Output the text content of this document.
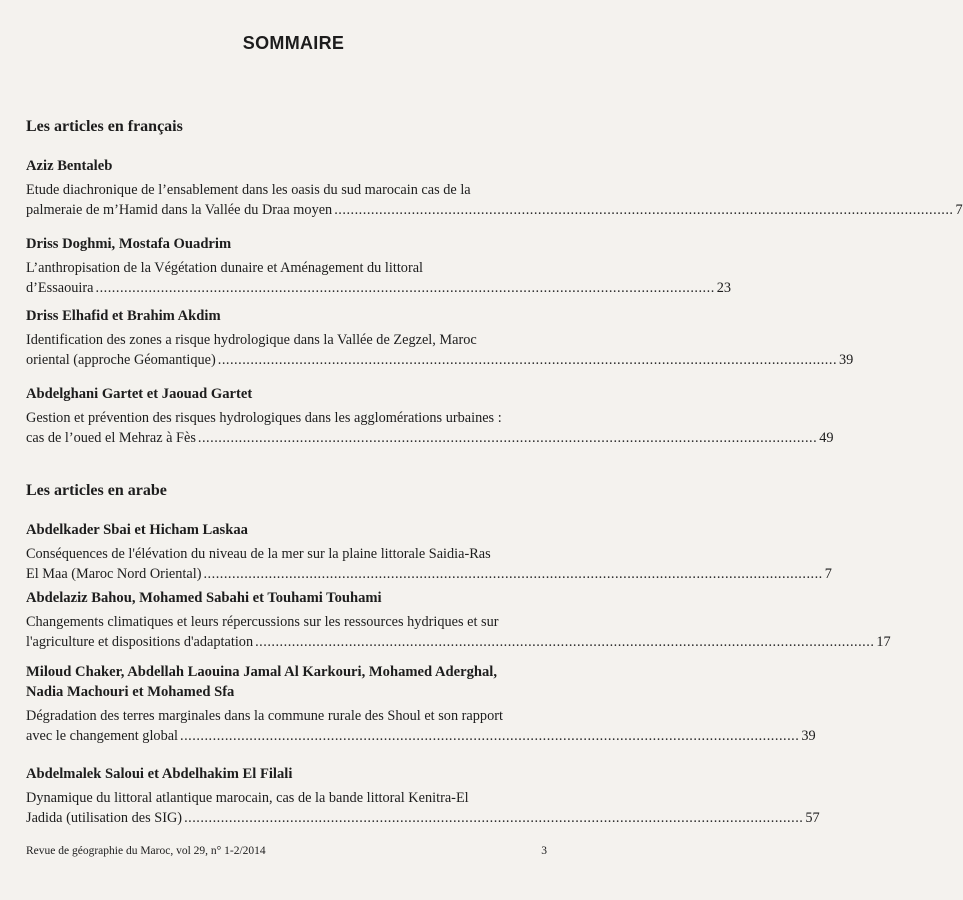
SOMMAIRE
Les articles en français
Aziz Bentaleb
Etude diachronique de l’ensablement dans les oasis du sud marocain cas de la
palmeraie de m’Hamid dans la Vallée du Draa moyen ........................................................................................................................................................ 7
Driss Doghmi, Mostafa Ouadrim
L’anthropisation de la Végétation dunaire et Aménagement du littoral
d’Essaouira ........................................................................................................................................................ 23
Driss Elhafid et Brahim Akdim
Identification des zones a risque hydrologique dans la Vallée de Zegzel, Maroc
oriental (approche Géomantique) ........................................................................................................................................................ 39
Abdelghani Gartet et Jaouad Gartet
Gestion et prévention des risques hydrologiques dans les agglomérations urbaines :
cas de l’oued el Mehraz à Fès ........................................................................................................................................................ 49
Les articles en arabe
Abdelkader Sbai et Hicham Laskaa
Conséquences de l'élévation du niveau de la mer sur la plaine littorale Saidia-Ras
El Maa (Maroc Nord Oriental) ........................................................................................................................................................ 7
Abdelaziz Bahou, Mohamed Sabahi et Touhami Touhami
Changements climatiques et leurs répercussions sur les ressources hydriques et sur
l'agriculture et dispositions d'adaptation ........................................................................................................................................................ 17
Miloud Chaker, Abdellah Laouina Jamal Al Karkouri, Mohamed Aderghal,
Nadia Machouri et Mohamed Sfa
Dégradation des terres marginales dans la commune rurale des Shoul et son rapport
avec le changement global ........................................................................................................................................................ 39
Abdelmalek Saloui et Abdelhakim El Filali
Dynamique du littoral atlantique marocain, cas de la bande littoral Kenitra-El
Jadida (utilisation des SIG) ........................................................................................................................................................ 57
Revue de géographie du Maroc, vol 29, n° 1-2/2014	3
